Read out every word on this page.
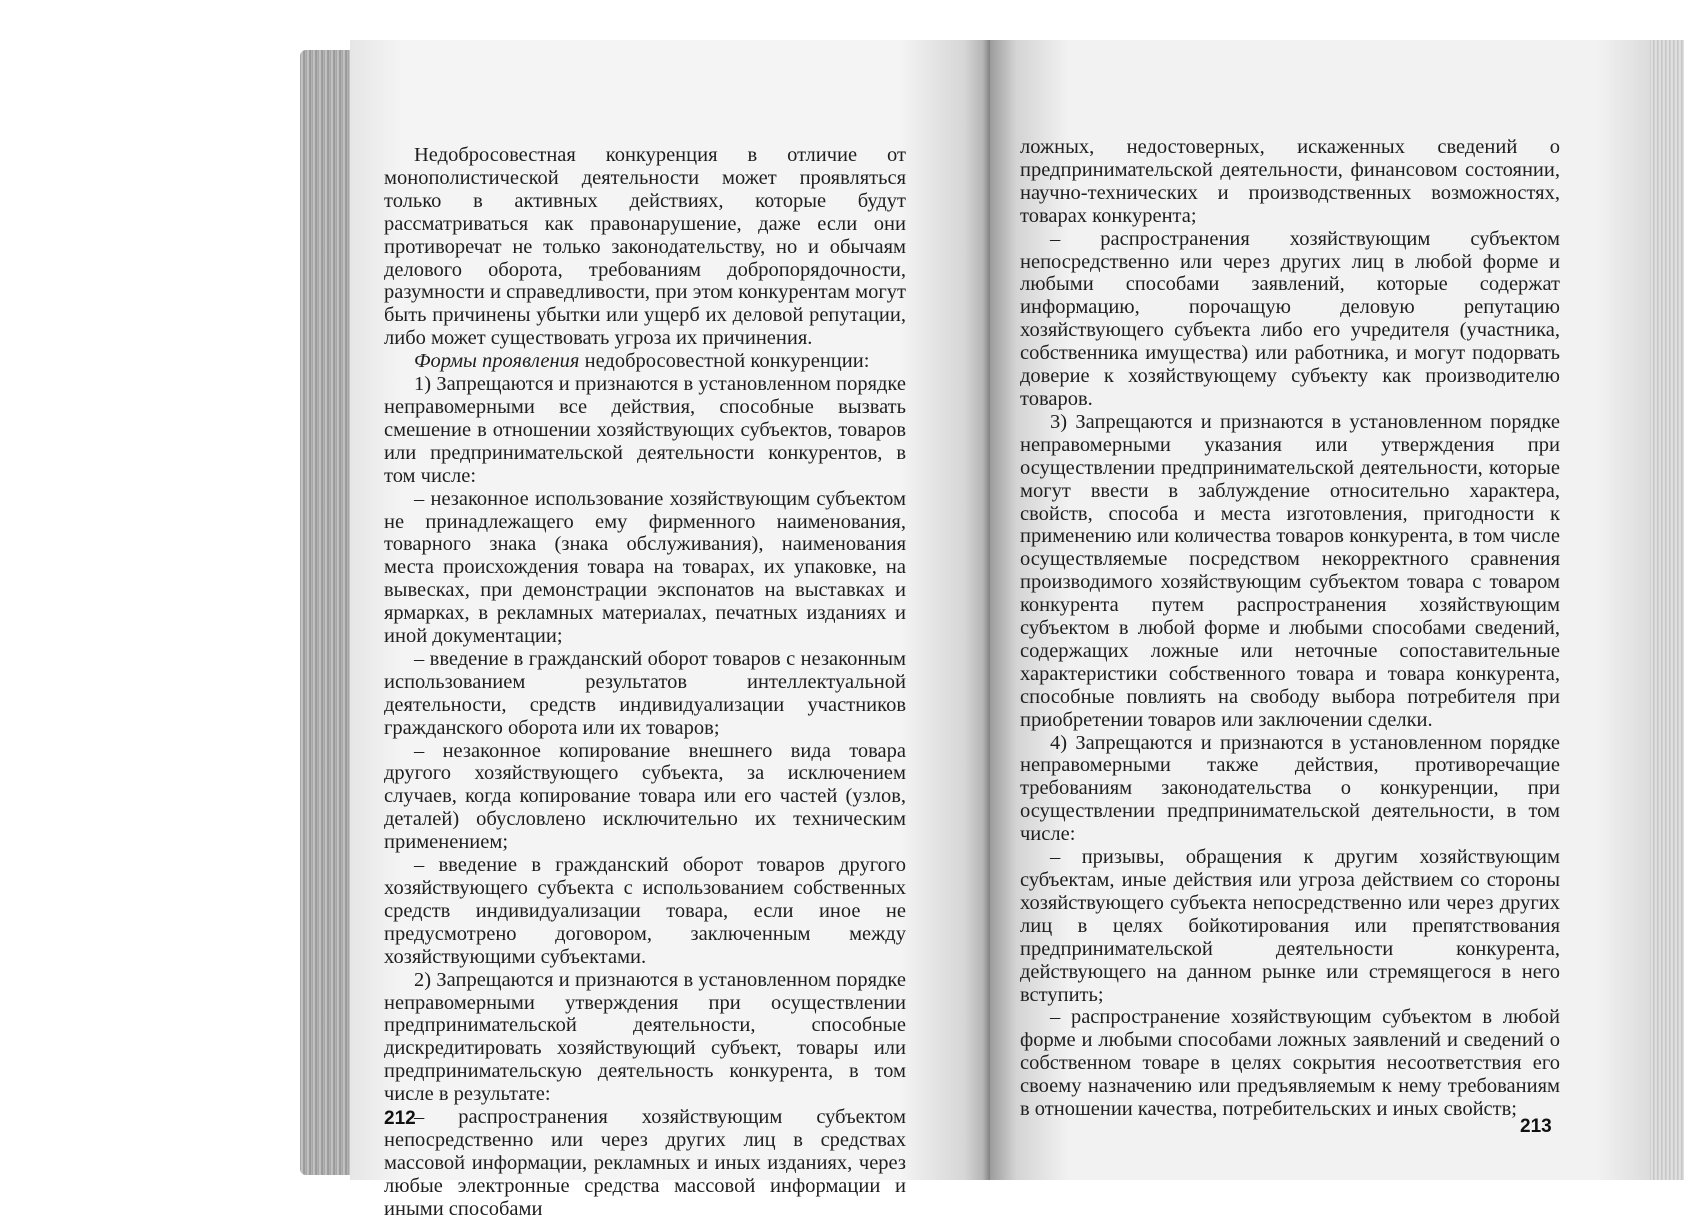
Недобросовестная конкуренция в отличие от монополистической деятельности может проявляться только в активных действиях, которые будут рассматриваться как правонарушение, даже если они противоречат не только законодательству, но и обычаям делового оборота, требованиям добропорядочности, разумности и справедливости, при этом конкурентам могут быть причинены убытки или ущерб их деловой репутации, либо может существовать угроза их причинения.

Формы проявления недобросовестной конкуренции:

1) Запрещаются и признаются в установленном порядке неправомерными все действия, способные вызвать смешение в отношении хозяйствующих субъектов, товаров или предпринимательской деятельности конкурентов, в том числе:

– незаконное использование хозяйствующим субъектом не принадлежащего ему фирменного наименования, товарного знака (знака обслуживания), наименования места происхождения товара на товарах, их упаковке, на вывесках, при демонстрации экспонатов на выставках и ярмарках, в рекламных материалах, печатных изданиях и иной документации;

– введение в гражданский оборот товаров с незаконным использованием результатов интеллектуальной деятельности, средств индивидуализации участников гражданского оборота или их товаров;

– незаконное копирование внешнего вида товара другого хозяйствующего субъекта, за исключением случаев, когда копирование товара или его частей (узлов, деталей) обусловлено исключительно их техническим применением;

– введение в гражданский оборот товаров другого хозяйствующего субъекта с использованием собственных средств индивидуализации товара, если иное не предусмотрено договором, заключенным между хозяйствующими субъектами.

2) Запрещаются и признаются в установленном порядке неправомерными утверждения при осуществлении предпринимательской деятельности, способные дискредитировать хозяйствующий субъект, товары или предпринимательскую деятельность конкурента, в том числе в результате:

– распространения хозяйствующим субъектом непосредственно или через других лиц в средствах массовой информации, рекламных и иных изданиях, через любые электронные средства массовой информации и иными способами

212

ложных, недостоверных, искаженных сведений о предпринимательской деятельности, финансовом состоянии, научно-технических и производственных возможностях, товарах конкурента;

– распространения хозяйствующим субъектом непосредственно или через других лиц в любой форме и любыми способами заявлений, которые содержат информацию, порочащую деловую репутацию хозяйствующего субъекта либо его учредителя (участника, собственника имущества) или работника, и могут подорвать доверие к хозяйствующему субъекту как производителю товаров.

3) Запрещаются и признаются в установленном порядке неправомерными указания или утверждения при осуществлении предпринимательской деятельности, которые могут ввести в заблуждение относительно характера, свойств, способа и места изготовления, пригодности к применению или количества товаров конкурента, в том числе осуществляемые посредством некорректного сравнения производимого хозяйствующим субъектом товара с товаром конкурента путем распространения хозяйствующим субъектом в любой форме и любыми способами сведений, содержащих ложные или неточные сопоставительные характеристики собственного товара и товара конкурента, способные повлиять на свободу выбора потребителя при приобретении товаров или заключении сделки.

4) Запрещаются и признаются в установленном порядке неправомерными также действия, противоречащие требованиям законодательства о конкуренции, при осуществлении предпринимательской деятельности, в том числе:

– призывы, обращения к другим хозяйствующим субъектам, иные действия или угроза действием со стороны хозяйствующего субъекта непосредственно или через других лиц в целях бойкотирования или препятствования предпринимательской деятельности конкурента, действующего на данном рынке или стремящегося в него вступить;

– распространение хозяйствующим субъектом в любой форме и любыми способами ложных заявлений и сведений о собственном товаре в целях сокрытия несоответствия его своему назначению или предъявляемым к нему требованиям в отношении качества, потребительских и иных свойств;

213
